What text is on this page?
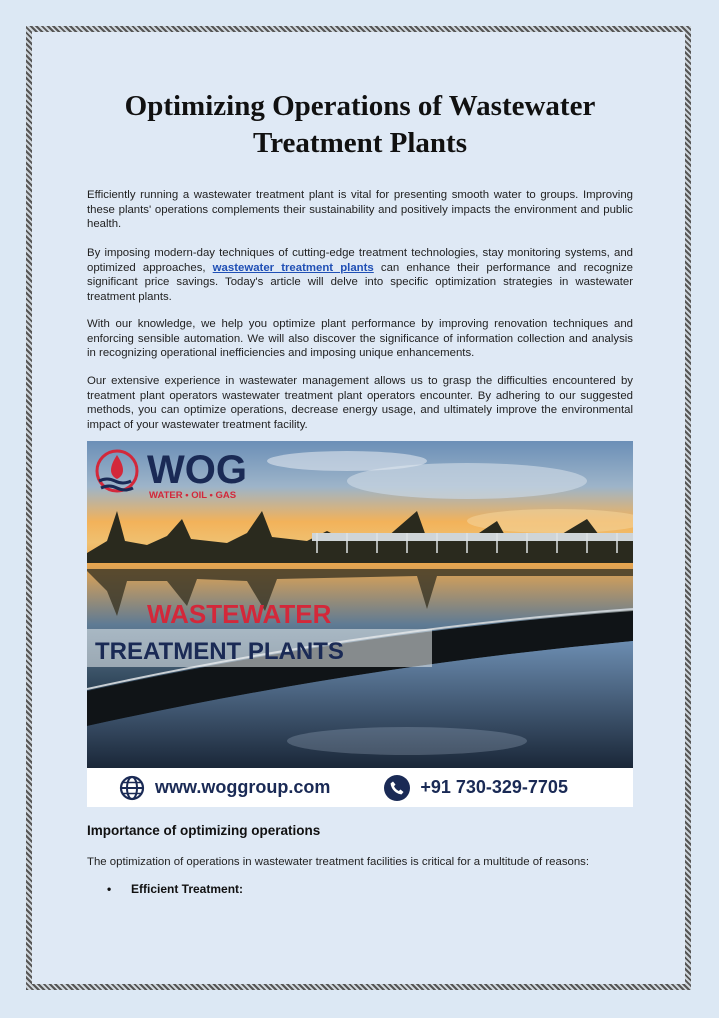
Optimizing Operations of Wastewater Treatment Plants

Efficiently running a wastewater treatment plant is vital for presenting smooth water to groups. Improving these plants' operations complements their sustainability and positively impacts the environment and public health.

By imposing modern-day techniques of cutting-edge treatment technologies, stay monitoring systems, and optimized approaches, wastewater treatment plants can enhance their performance and recognize significant price savings. Today's article will delve into specific optimization strategies in wastewater treatment plants.

With our knowledge, we help you optimize plant performance by improving renovation techniques and enforcing sensible automation. We will also discover the significance of information collection and analysis in recognizing operational inefficiencies and imposing unique enhancements.

Our extensive experience in wastewater management allows us to grasp the difficulties encountered by treatment plant operators wastewater treatment plant operators encounter. By adhering to our suggested methods, you can optimize operations, decrease energy usage, and ultimately improve the environmental impact of your wastewater treatment facility.

WOG
WATER • OIL • GAS
WASTEWATER
TREATMENT PLANTS
www.woggroup.com	+91 730-329-7705
Importance of optimizing operations

The optimization of operations in wastewater treatment facilities is critical for a multitude of reasons:

• Efficient Treatment:
